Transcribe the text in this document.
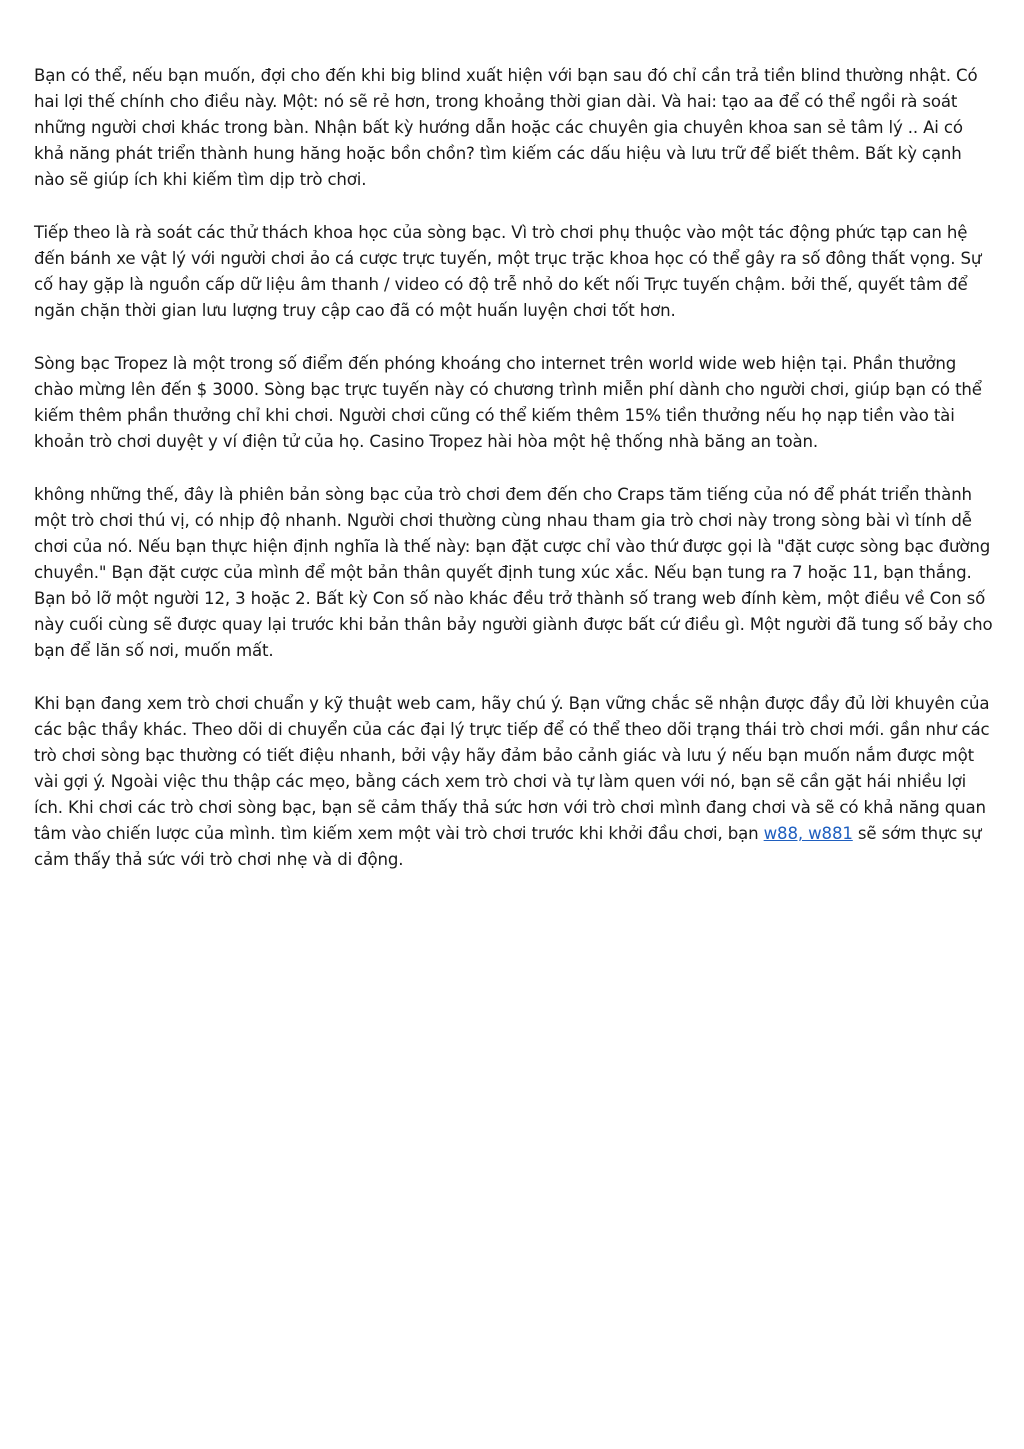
Bạn có thể, nếu bạn muốn, đợi cho đến khi big blind xuất hiện với bạn sau đó chỉ cần trả tiền blind thường nhật. Có hai lợi thế chính cho điều này. Một: nó sẽ rẻ hơn, trong khoảng thời gian dài. Và hai: tạo aa để có thể ngồi rà soát những người chơi khác trong bàn. Nhận bất kỳ hướng dẫn hoặc các chuyên gia chuyên khoa san sẻ tâm lý .. Ai có khả năng phát triển thành hung hăng hoặc bồn chồn? tìm kiếm các dấu hiệu và lưu trữ để biết thêm. Bất kỳ cạnh nào sẽ giúp ích khi kiếm tìm dịp trò chơi.

Tiếp theo là rà soát các thử thách khoa học của sòng bạc. Vì trò chơi phụ thuộc vào một tác động phức tạp can hệ đến bánh xe vật lý với người chơi ảo cá cược trực tuyến, một trục trặc khoa học có thể gây ra số đông thất vọng. Sự cố hay gặp là nguồn cấp dữ liệu âm thanh / video có độ trễ nhỏ do kết nối Trực tuyến chậm. bởi thế, quyết tâm để ngăn chặn thời gian lưu lượng truy cập cao đã có một huấn luyện chơi tốt hơn.

Sòng bạc Tropez là một trong số điểm đến phóng khoáng cho internet trên world wide web hiện tại. Phần thưởng chào mừng lên đến $ 3000. Sòng bạc trực tuyến này có chương trình miễn phí dành cho người chơi, giúp bạn có thể kiếm thêm phần thưởng chỉ khi chơi. Người chơi cũng có thể kiếm thêm 15% tiền thưởng nếu họ nạp tiền vào tài khoản trò chơi duyệt y ví điện tử của họ. Casino Tropez hài hòa một hệ thống nhà băng an toàn.

không những thế, đây là phiên bản sòng bạc của trò chơi đem đến cho Craps tăm tiếng của nó để phát triển thành một trò chơi thú vị, có nhịp độ nhanh. Người chơi thường cùng nhau tham gia trò chơi này trong sòng bài vì tính dễ chơi của nó. Nếu bạn thực hiện định nghĩa là thế này: bạn đặt cược chỉ vào thứ được gọi là "đặt cược sòng bạc đường chuyền." Bạn đặt cược của mình để một bản thân quyết định tung xúc xắc. Nếu bạn tung ra 7 hoặc 11, bạn thắng. Bạn bỏ lỡ một người 12, 3 hoặc 2. Bất kỳ Con số nào khác đều trở thành số trang web đính kèm, một điều về Con số này cuối cùng sẽ được quay lại trước khi bản thân bảy người giành được bất cứ điều gì. Một người đã tung số bảy cho bạn để lăn số nơi, muốn mất.

Khi bạn đang xem trò chơi chuẩn y kỹ thuật web cam, hãy chú ý. Bạn vững chắc sẽ nhận được đầy đủ lời khuyên của các bậc thầy khác. Theo dõi di chuyển của các đại lý trực tiếp để có thể theo dõi trạng thái trò chơi mới. gần như các trò chơi sòng bạc thường có tiết điệu nhanh, bởi vậy hãy đảm bảo cảnh giác và lưu ý nếu bạn muốn nắm được một vài gợi ý. Ngoài việc thu thập các mẹo, bằng cách xem trò chơi và tự làm quen với nó, bạn sẽ cần gặt hái nhiều lợi ích. Khi chơi các trò chơi sòng bạc, bạn sẽ cảm thấy thả sức hơn với trò chơi mình đang chơi và sẽ có khả năng quan tâm vào chiến lược của mình. tìm kiếm xem một vài trò chơi trước khi khởi đầu chơi, bạn w88, w881 sẽ sớm thực sự cảm thấy thả sức với trò chơi nhẹ và di động.
